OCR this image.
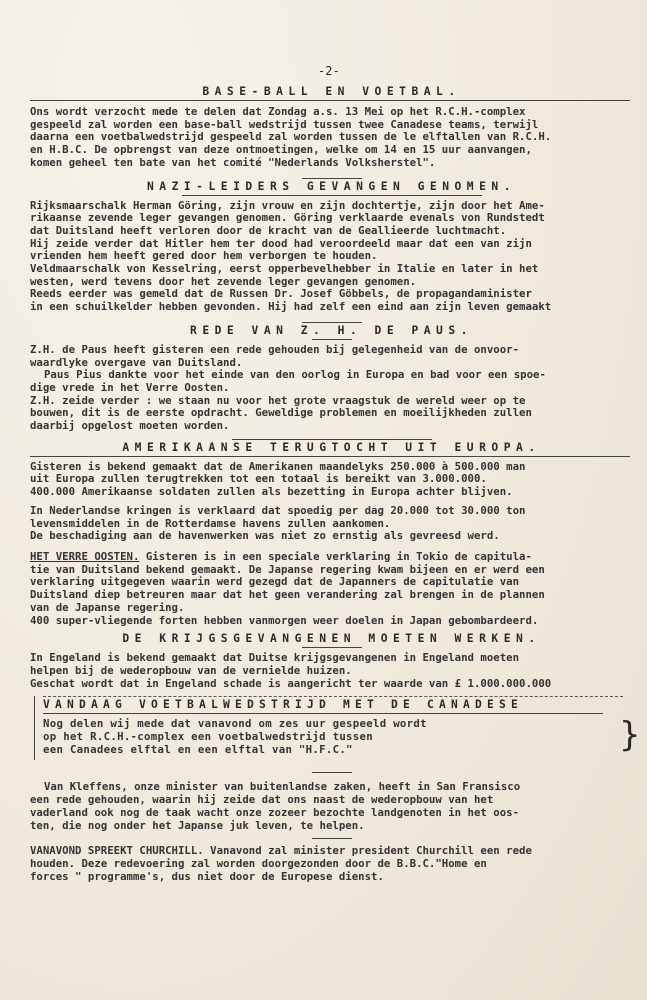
-2-
BASE-BALL EN VOETBAL.

Ons wordt verzocht mede te delen dat Zondag a.s. 13 Mei op het R.C.H.-complex

gespeeld zal worden een base-ball wedstrijd tussen twee Canadese teams, terwijl

daarna een voetbalwedstrijd gespeeld zal worden tussen de le elftallen van R.C.H.

en H.B.C. De opbrengst van deze ontmoetingen, welke om 14 en 15 uur aanvangen,

komen geheel ten bate van het comité "Nederlands Volksherstel".

NAZI-LEIDERS GEVANGEN GENOMEN.

Rijksmaarschalk Herman Göring, zijn vrouw en zijn dochtertje, zijn door het Ame-

rikaanse zevende leger gevangen genomen. Göring verklaarde evenals von Rundstedt

dat Duitsland heeft verloren door de kracht van de Geallieerde luchtmacht.

Hij zeide verder dat Hitler hem ter dood had veroordeeld maar dat een van zijn

vrienden hem heeft gered door hem verborgen te houden.

Veldmaarschalk von Kesselring, eerst opperbevelhebber in Italie en later in het

westen, werd tevens door het zevende leger gevangen genomen.

Reeds eerder was gemeld dat de Russen Dr. Josef Göbbels, de propagandaminister

in een schuilkelder hebben gevonden. Hij had zelf een eind aan zijn leven gemaakt

REDE VAN Z. H. DE PAUS.

Z.H. de Paus heeft gisteren een rede gehouden bij gelegenheid van de onvoor-

waardlyke overgave van Duitsland.

Paus Pius dankte voor het einde van den oorlog in Europa en bad voor een spoe-

dige vrede in het Verre Oosten.

Z.H. zeide verder : we staan nu voor het grote vraagstuk de wereld weer op te

bouwen, dit is de eerste opdracht. Geweldige problemen en moeilijkheden zullen

daarbij opgelost moeten worden.

AMERIKAANSE TERUGTOCHT UIT EUROPA.

Gisteren is bekend gemaakt dat de Amerikanen maandelyks 250.000 à 500.000 man

uit Europa zullen terugtrekken tot een totaal is bereikt van 3.000.000.

400.000 Amerikaanse soldaten zullen als bezetting in Europa achter blijven.

In Nederlandse kringen is verklaard dat spoedig per dag 20.000 tot 30.000 ton

levensmiddelen in de Rotterdamse havens zullen aankomen.

De beschadiging aan de havenwerken was niet zo ernstig als gevreesd werd.

HET VERRE OOSTEN. Gisteren is in een speciale verklaring in Tokio de capitula-

tie van Duitsland bekend gemaakt. De Japanse regering kwam bijeen en er werd een

verklaring uitgegeven waarin werd gezegd dat de Japanners de capitulatie van

Duitsland diep betreuren maar dat het geen verandering zal brengen in de plannen

van de Japanse regering.

400 super-vliegende forten hebben vanmorgen weer doelen in Japan gebombardeerd.

DE KRIJGSGEVANGENEN MOETEN WERKEN.

In Engeland is bekend gemaakt dat Duitse krijgsgevangenen in Engeland moeten

helpen bij de wederopbouw van de vernielde huizen.

Geschat wordt dat in Engeland schade is aangericht ter waarde van £ 1.000.000.000

VANDAAG VOETBALWEDSTRIJD MET DE CANADESE

Nog delen wij mede dat vanavond om zes uur gespeeld wordt

op het R.C.H.-complex een voetbalwedstrijd tussen

een Canadees elftal en een elftal van "H.F.C."	}

Van Kleffens, onze minister van buitenlandse zaken, heeft in San Fransisco

een rede gehouden, waarin hij zeide dat ons naast de wederopbouw van het

vaderland ook nog de taak wacht onze zozeer bezochte landgenoten in het oos-

ten, die nog onder het Japanse juk leven, te helpen.

VANAVOND SPREEKT CHURCHILL. Vanavond zal minister president Churchill een rede

houden. Deze redevoering zal worden doorgezonden door de B.B.C."Home en

forces " programme's, dus niet door de Europese dienst.
